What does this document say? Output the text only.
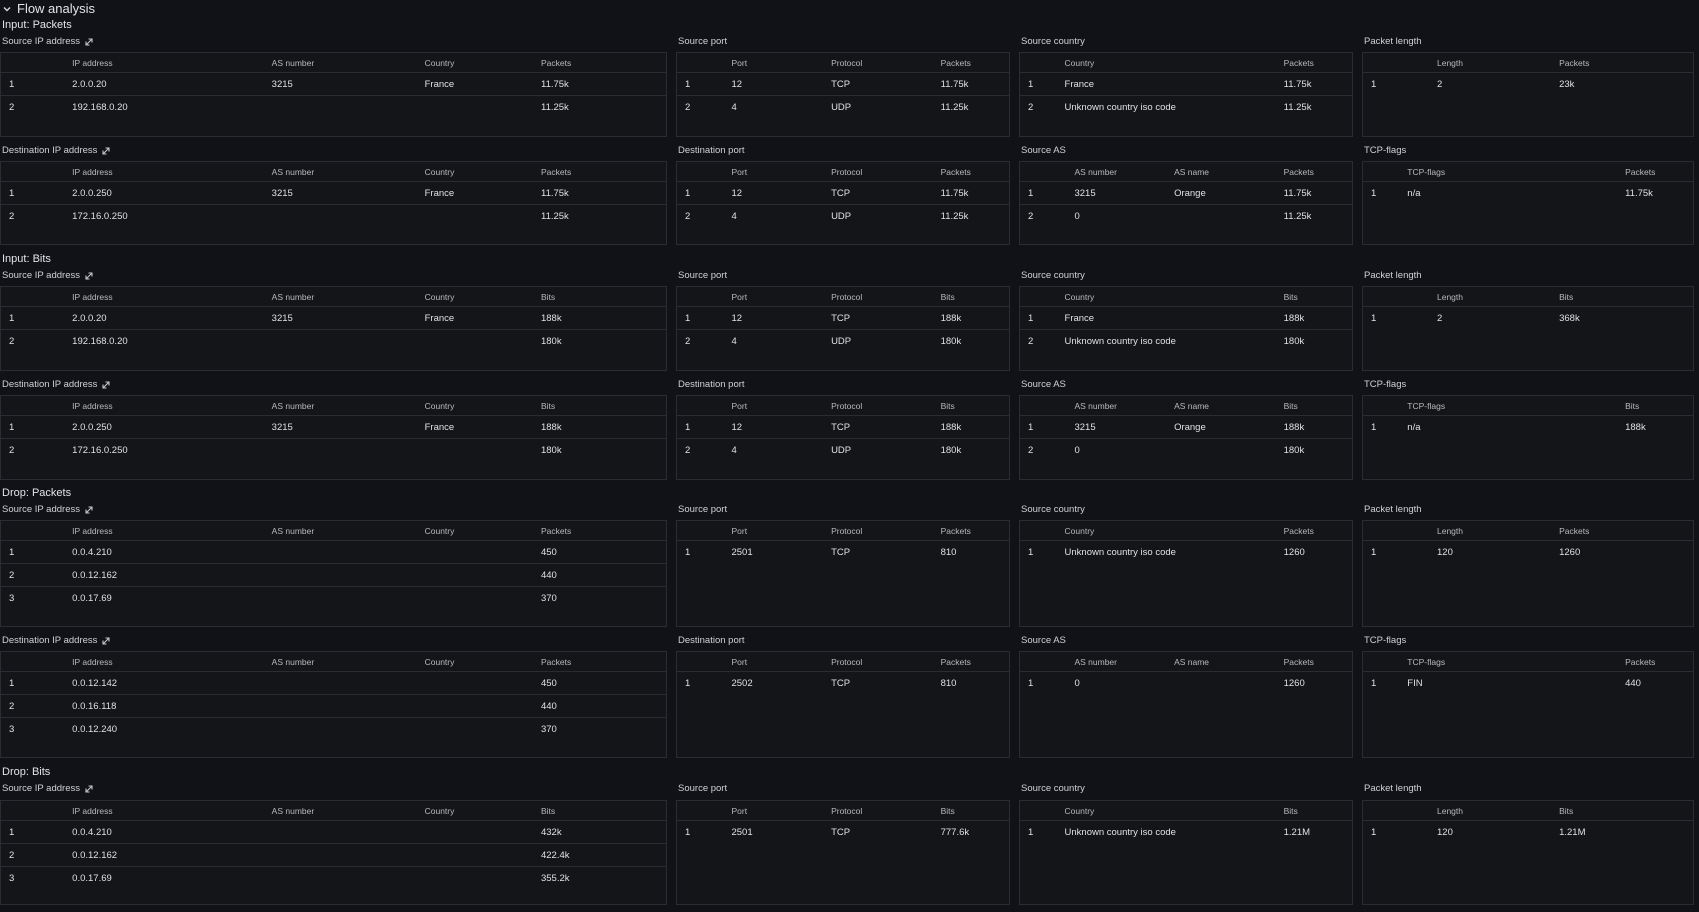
Flow analysis
Input: Packets
Source IP address
	IP address	AS number	Country	Packets
1	2.0.0.20	3215	France	11.75k
2	192.168.0.20			11.25k
Source port
	Port	Protocol	Packets
1	12	TCP	11.75k
2	4	UDP	11.25k
Source country
	Country	Packets
1	France	11.75k
2	Unknown country iso code	11.25k
Packet length
	Length	Packets
1	2	23k
Destination IP address
	IP address	AS number	Country	Packets
1	2.0.0.250	3215	France	11.75k
2	172.16.0.250			11.25k
Destination port
	Port	Protocol	Packets
1	12	TCP	11.75k
2	4	UDP	11.25k
Source AS
	AS number	AS name	Packets
1	3215	Orange	11.75k
2	0		11.25k
TCP-flags
	TCP-flags	Packets
1	n/a	11.75k
Input: Bits
Source IP address
	IP address	AS number	Country	Bits
1	2.0.0.20	3215	France	188k
2	192.168.0.20			180k
Source port
	Port	Protocol	Bits
1	12	TCP	188k
2	4	UDP	180k
Source country
	Country	Bits
1	France	188k
2	Unknown country iso code	180k
Packet length
	Length	Bits
1	2	368k
Destination IP address
	IP address	AS number	Country	Bits
1	2.0.0.250	3215	France	188k
2	172.16.0.250			180k
Destination port
	Port	Protocol	Bits
1	12	TCP	188k
2	4	UDP	180k
Source AS
	AS number	AS name	Bits
1	3215	Orange	188k
2	0		180k
TCP-flags
	TCP-flags	Bits
1	n/a	188k
Drop: Packets
Source IP address
	IP address	AS number	Country	Packets
1	0.0.4.210			450
2	0.0.12.162			440
3	0.0.17.69			370
Source port
	Port	Protocol	Packets
1	2501	TCP	810
Source country
	Country	Packets
1	Unknown country iso code	1260
Packet length
	Length	Packets
1	120	1260
Destination IP address
	IP address	AS number	Country	Packets
1	0.0.12.142			450
2	0.0.16.118			440
3	0.0.12.240			370
Destination port
	Port	Protocol	Packets
1	2502	TCP	810
Source AS
	AS number	AS name	Packets
1	0		1260
TCP-flags
	TCP-flags	Packets
1	FIN	440
Drop: Bits
Source IP address
	IP address	AS number	Country	Bits
1	0.0.4.210			432k
2	0.0.12.162			422.4k
3	0.0.17.69			355.2k
Source port
	Port	Protocol	Bits
1	2501	TCP	777.6k
Source country
	Country	Bits
1	Unknown country iso code	1.21M
Packet length
	Length	Bits
1	120	1.21M
